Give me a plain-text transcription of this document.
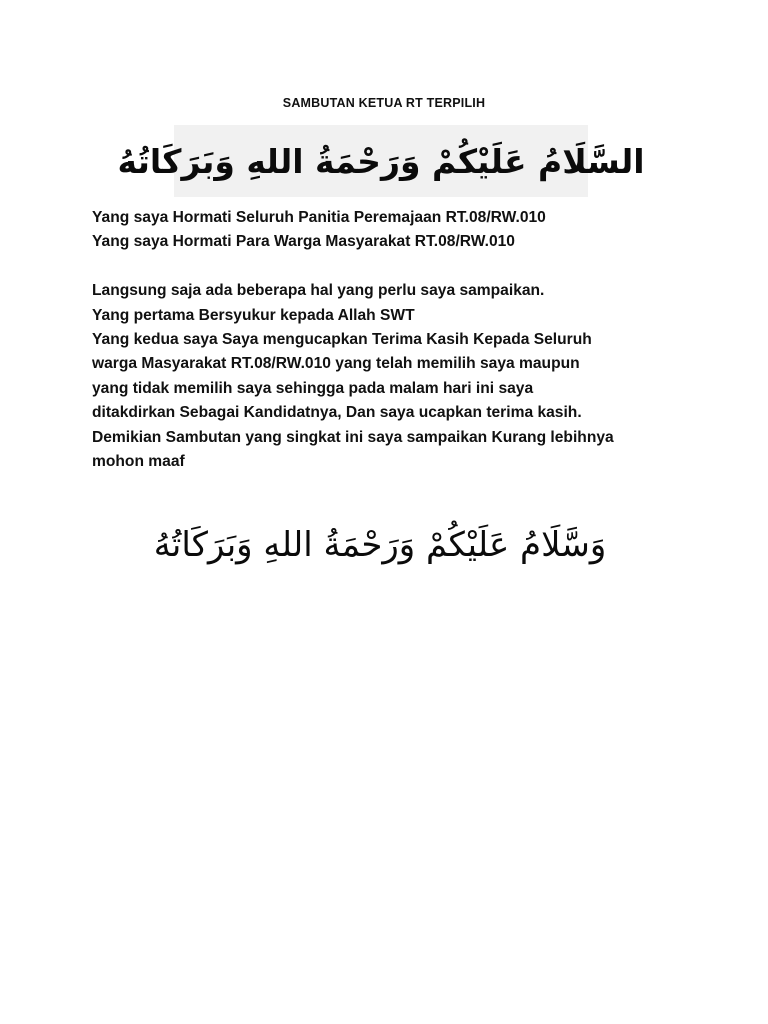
SAMBUTAN KETUA RT TERPILIH
السَّلَامُ عَلَيْكُمْ وَرَحْمَةُ اللهِ وَبَرَكَاتُهُ
Yang saya Hormati Seluruh Panitia Peremajaan RT.08/RW.010
Yang saya Hormati Para Warga Masyarakat RT.08/RW.010
Langsung saja ada beberapa hal yang perlu saya sampaikan.
Yang pertama Bersyukur kepada Allah SWT
Yang kedua saya Saya mengucapkan Terima Kasih Kepada Seluruh
warga Masyarakat RT.08/RW.010 yang telah memilih saya maupun
yang tidak memilih saya sehingga pada malam hari ini saya
ditakdirkan Sebagai Kandidatnya, Dan saya ucapkan terima kasih.
Demikian Sambutan yang singkat ini saya sampaikan Kurang lebihnya
mohon maaf
وَسَّلَامُ عَلَيْكُمْ وَرَحْمَةُ اللهِ وَبَرَكَاتُهُ
